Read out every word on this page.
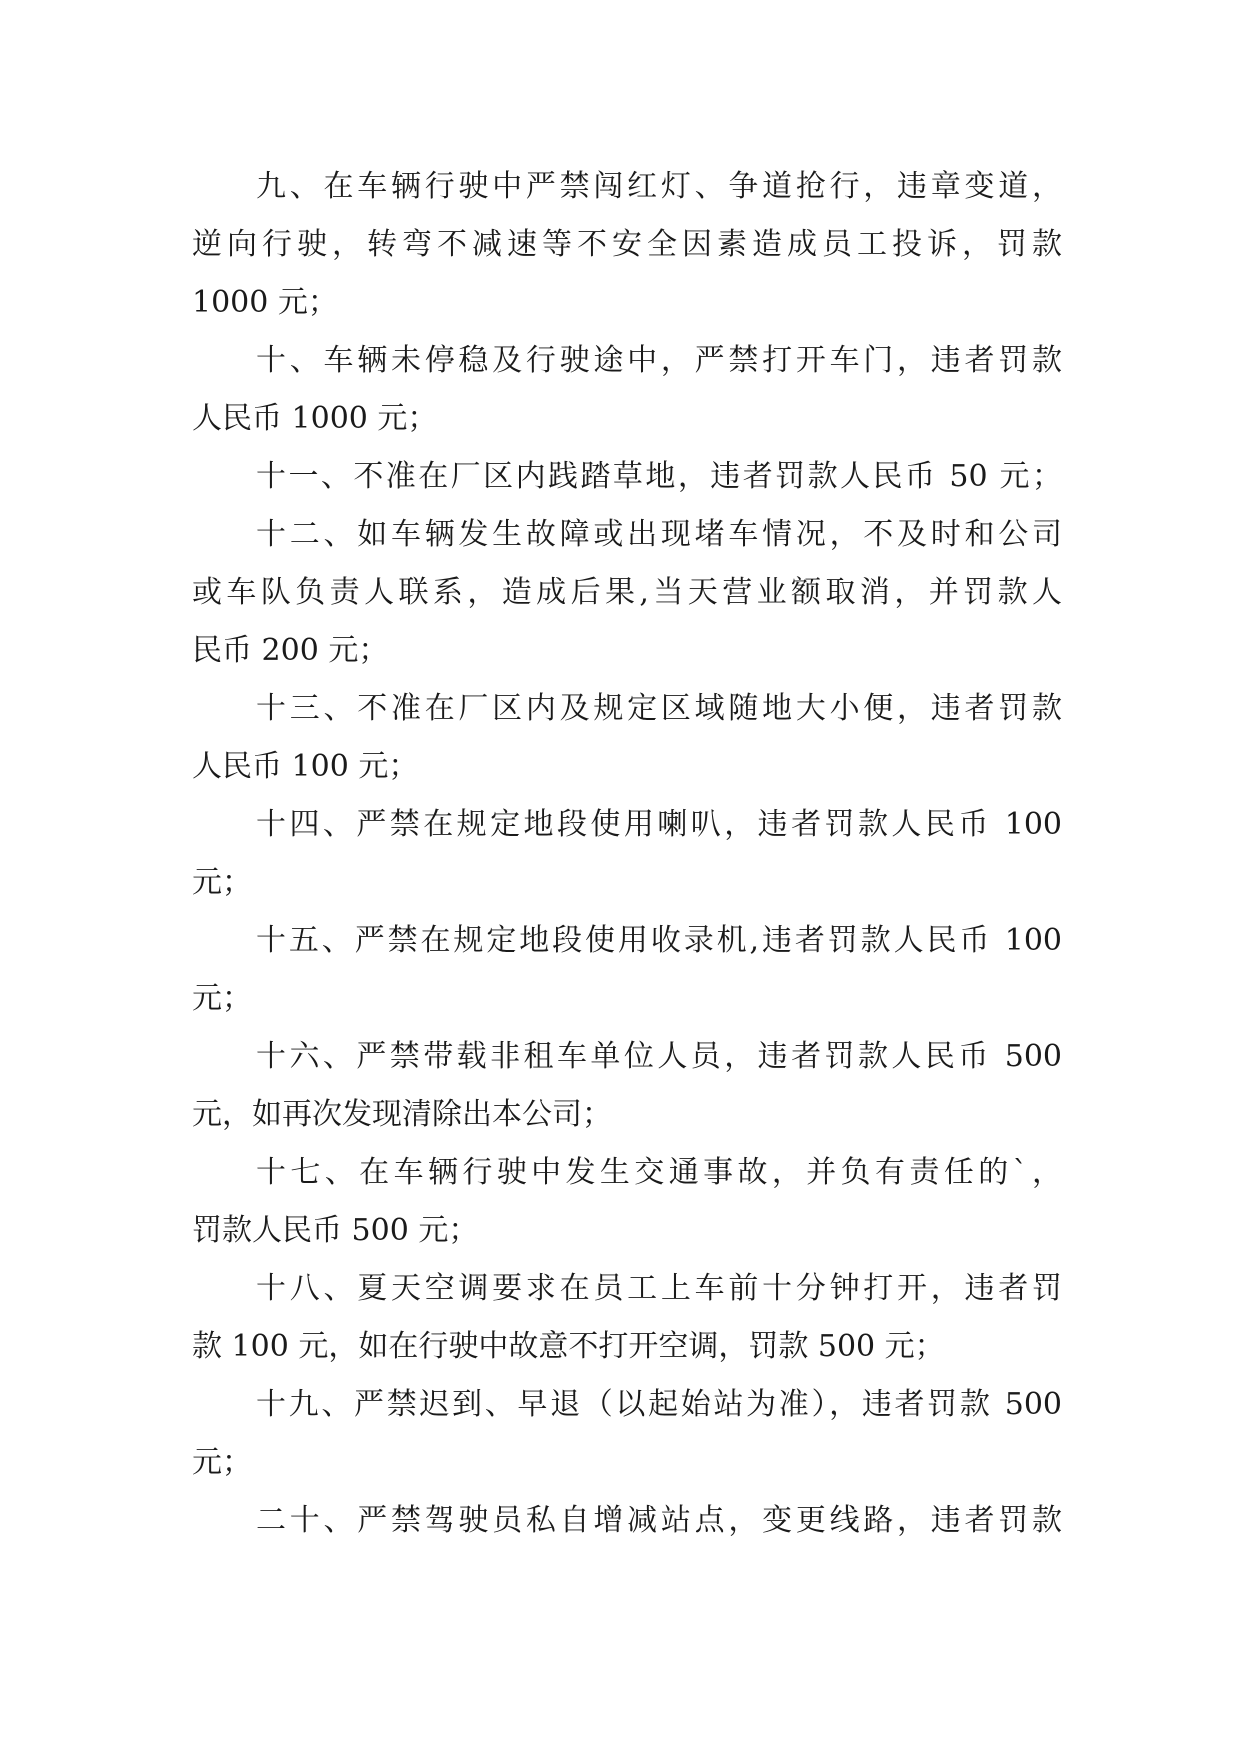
九、在车辆行驶中严禁闯红灯、争道抢行，违章变道，
逆向行驶，转弯不减速等不安全因素造成员工投诉，罚款
1000 元；
十、车辆未停稳及行驶途中，严禁打开车门，违者罚款
人民币 1000 元；
十一、不准在厂区内践踏草地，违者罚款人民币 50 元；
十二、如车辆发生故障或出现堵车情况，不及时和公司
或车队负责人联系，造成后果,当天营业额取消，并罚款人
民币 200 元；
十三、不准在厂区内及规定区域随地大小便，违者罚款
人民币 100 元；
十四、严禁在规定地段使用喇叭，违者罚款人民币 100
元；
十五、严禁在规定地段使用收录机,违者罚款人民币 100
元；
十六、严禁带载非租车单位人员，违者罚款人民币 500
元，如再次发现清除出本公司；
十七、在车辆行驶中发生交通事故，并负有责任的`，
罚款人民币 500 元；
十八、夏天空调要求在员工上车前十分钟打开，违者罚
款 100 元，如在行驶中故意不打开空调，罚款 500 元；
十九、严禁迟到、早退（以起始站为准），违者罚款 500
元；
二十、严禁驾驶员私自增减站点，变更线路，违者罚款
